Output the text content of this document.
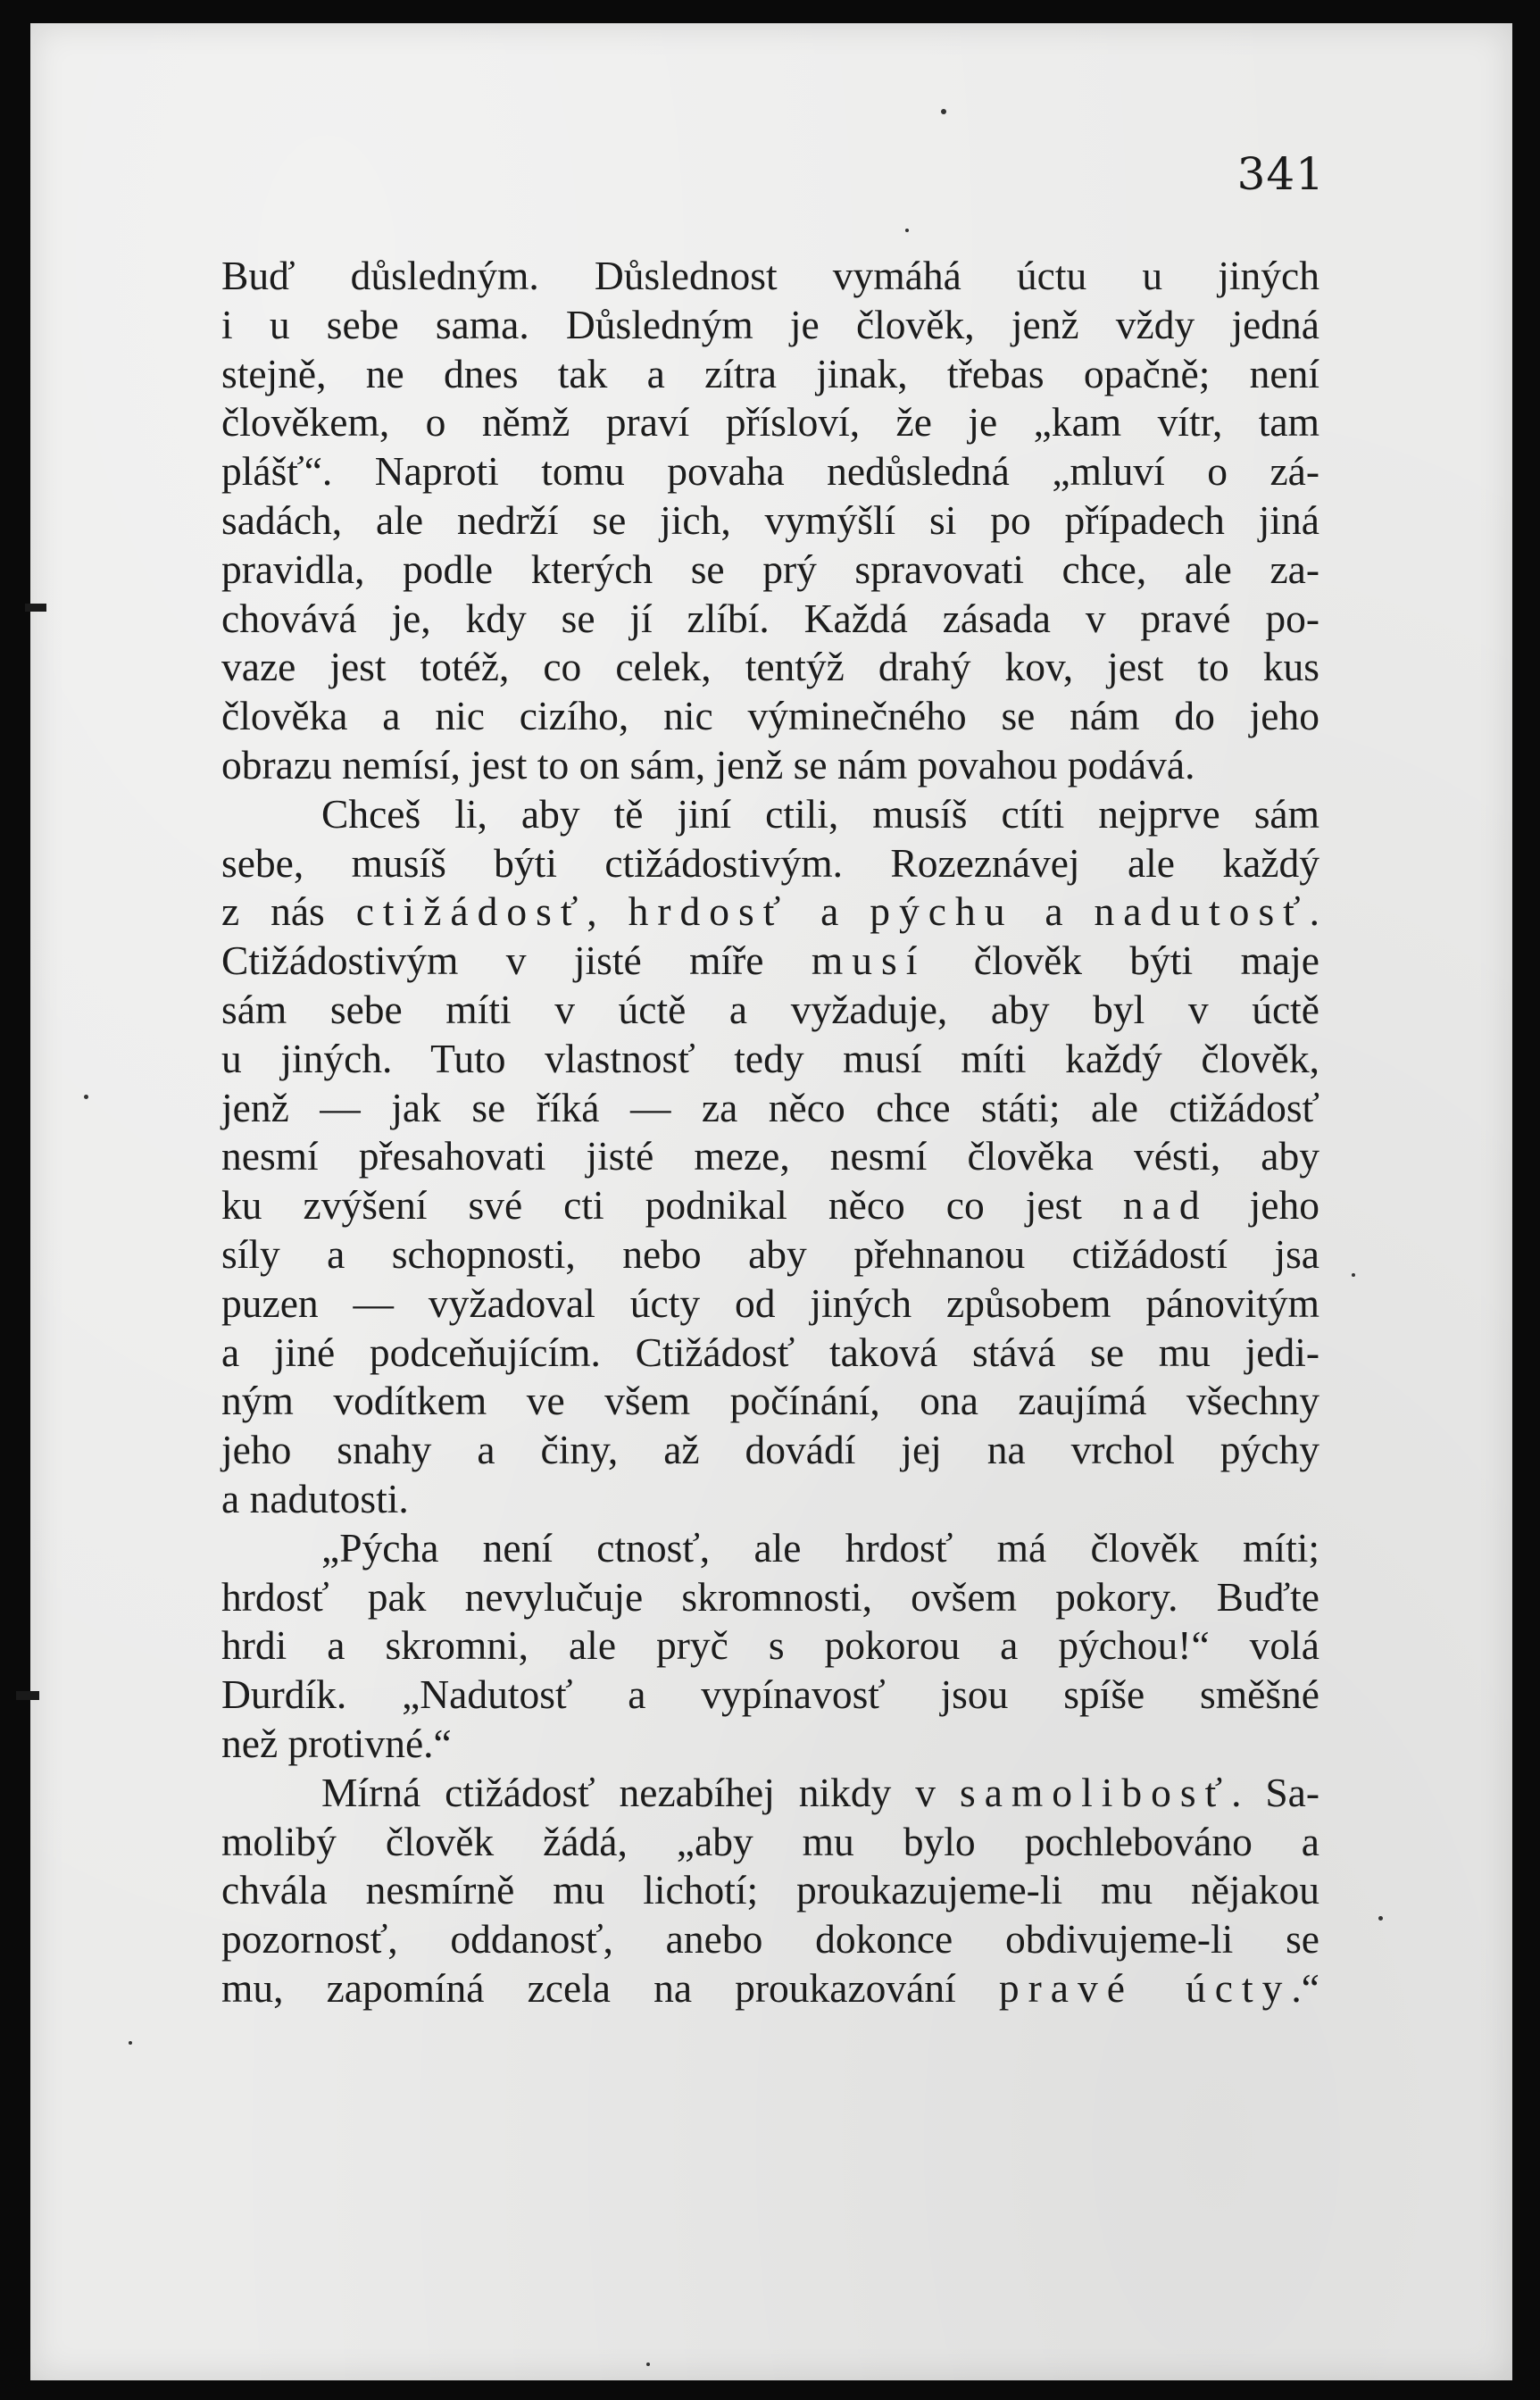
341
Buď důsledným. Důslednost vymáhá úctu u jiných
i u sebe sama. Důsledným je člověk, jenž vždy jedná
stejně, ne dnes tak a zítra jinak, třebas opačně; není
člověkem, o němž praví přísloví, že je „kam vítr, tam
plášť“. Naproti tomu povaha nedůsledná „mluví o zá-
sadách, ale nedrží se jich, vymýšlí si po případech jiná
pravidla, podle kterých se prý spravovati chce, ale za-
chovává je, kdy se jí zlíbí. Každá zásada v pravé po-
vaze jest totéž, co celek, tentýž drahý kov, jest to kus
člověka a nic cizího, nic výminečného se nám do jeho
obrazu nemísí, jest to on sám, jenž se nám povahou podává.
Chceš li, aby tě jiní ctili, musíš ctíti nejprve sám
sebe, musíš býti ctižádostivým. Rozeznávej ale každý
z nás ctižádosť, hrdosť a pýchu a nadutosť.
Ctižádostivým v jisté míře musí člověk býti maje
sám sebe míti v úctě a vyžaduje, aby byl v úctě
u jiných. Tuto vlastnosť tedy musí míti každý člověk,
jenž — jak se říká — za něco chce státi; ale ctižádosť
nesmí přesahovati jisté meze, nesmí člověka vésti, aby
ku zvýšení své cti podnikal něco co jest nad jeho
síly a schopnosti, nebo aby přehnanou ctižádostí jsa
puzen — vyžadoval úcty od jiných způsobem pánovitým
a jiné podceňujícím. Ctižádosť taková stává se mu jedi-
ným vodítkem ve všem počínání, ona zaujímá všechny
jeho snahy a činy, až dovádí jej na vrchol pýchy
a nadutosti.
„Pýcha není ctnosť, ale hrdosť má člověk míti;
hrdosť pak nevylučuje skromnosti, ovšem pokory. Buďte
hrdi a skromni, ale pryč s pokorou a pýchou!“ volá
Durdík. „Nadutosť a vypínavosť jsou spíše směšné
než protivné.“
Mírná ctižádosť nezabíhej nikdy v samolibosť. Sa-
molibý člověk žádá, „aby mu bylo pochlebováno a
chvála nesmírně mu lichotí; proukazujeme-li mu nějakou
pozornosť, oddanosť, anebo dokonce obdivujeme-li se
mu, zapomíná zcela na proukazování pravé úcty.“
